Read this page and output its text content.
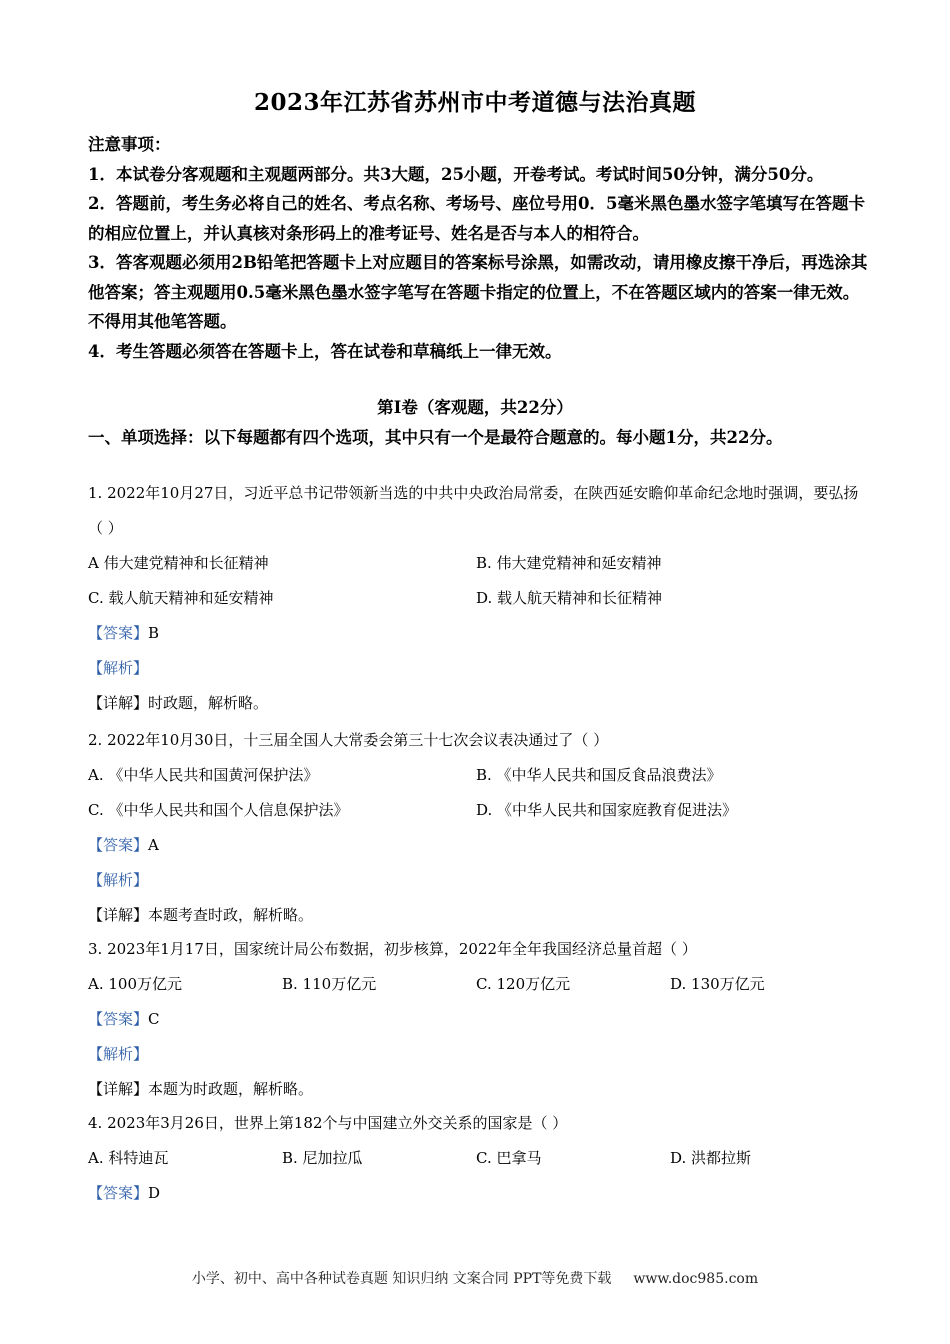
2023年江苏省苏州市中考道德与法治真题

注意事项：

1．本试卷分客观题和主观题两部分。共3大题，25小题，开卷考试。考试时间50分钟，满分50分。

2．答题前，考生务必将自己的姓名、考点名称、考场号、座位号用0．5毫米黑色墨水签字笔填写在答题卡的相应位置上，并认真核对条形码上的准考证号、姓名是否与本人的相符合。

3．答客观题必须用2B铅笔把答题卡上对应题目的答案标号涂黑，如需改动，请用橡皮擦干净后，再选涂其他答案；答主观题用0.5毫米黑色墨水签字笔写在答题卡指定的位置上，不在答题区域内的答案一律无效。不得用其他笔答题。

4．考生答题必须答在答题卡上，答在试卷和草稿纸上一律无效。

第I卷（客观题，共22分）

一、单项选择：以下每题都有四个选项，其中只有一个是最符合题意的。每小题1分，共22分。

1. 2022年10月27日，习近平总书记带领新当选的中共中央政治局常委，在陕西延安瞻仰革命纪念地时强调，要弘扬（ ）

A 伟大建党精神和长征精神	B. 伟大建党精神和延安精神
C. 载人航天精神和延安精神	D. 载人航天精神和长征精神
【答案】B
【解析】
【详解】时政题，解析略。

2. 2022年10月30日，十三届全国人大常委会第三十七次会议表决通过了（ ）

A. 《中华人民共和国黄河保护法》	B. 《中华人民共和国反食品浪费法》
C. 《中华人民共和国个人信息保护法》	D. 《中华人民共和国家庭教育促进法》
【答案】A
【解析】
【详解】本题考查时政，解析略。

3. 2023年1月17日，国家统计局公布数据，初步核算，2022年全年我国经济总量首超（ ）

A. 100万亿元	B. 110万亿元	C. 120万亿元	D. 130万亿元
【答案】C
【解析】
【详解】本题为时政题，解析略。

4. 2023年3月26日，世界上第182个与中国建立外交关系的国家是（ ）

A. 科特迪瓦	B. 尼加拉瓜	C. 巴拿马	D. 洪都拉斯
【答案】D
小学、初中、高中各种试卷真题 知识归纳 文案合同 PPT等免费下载 www.doc985.com
